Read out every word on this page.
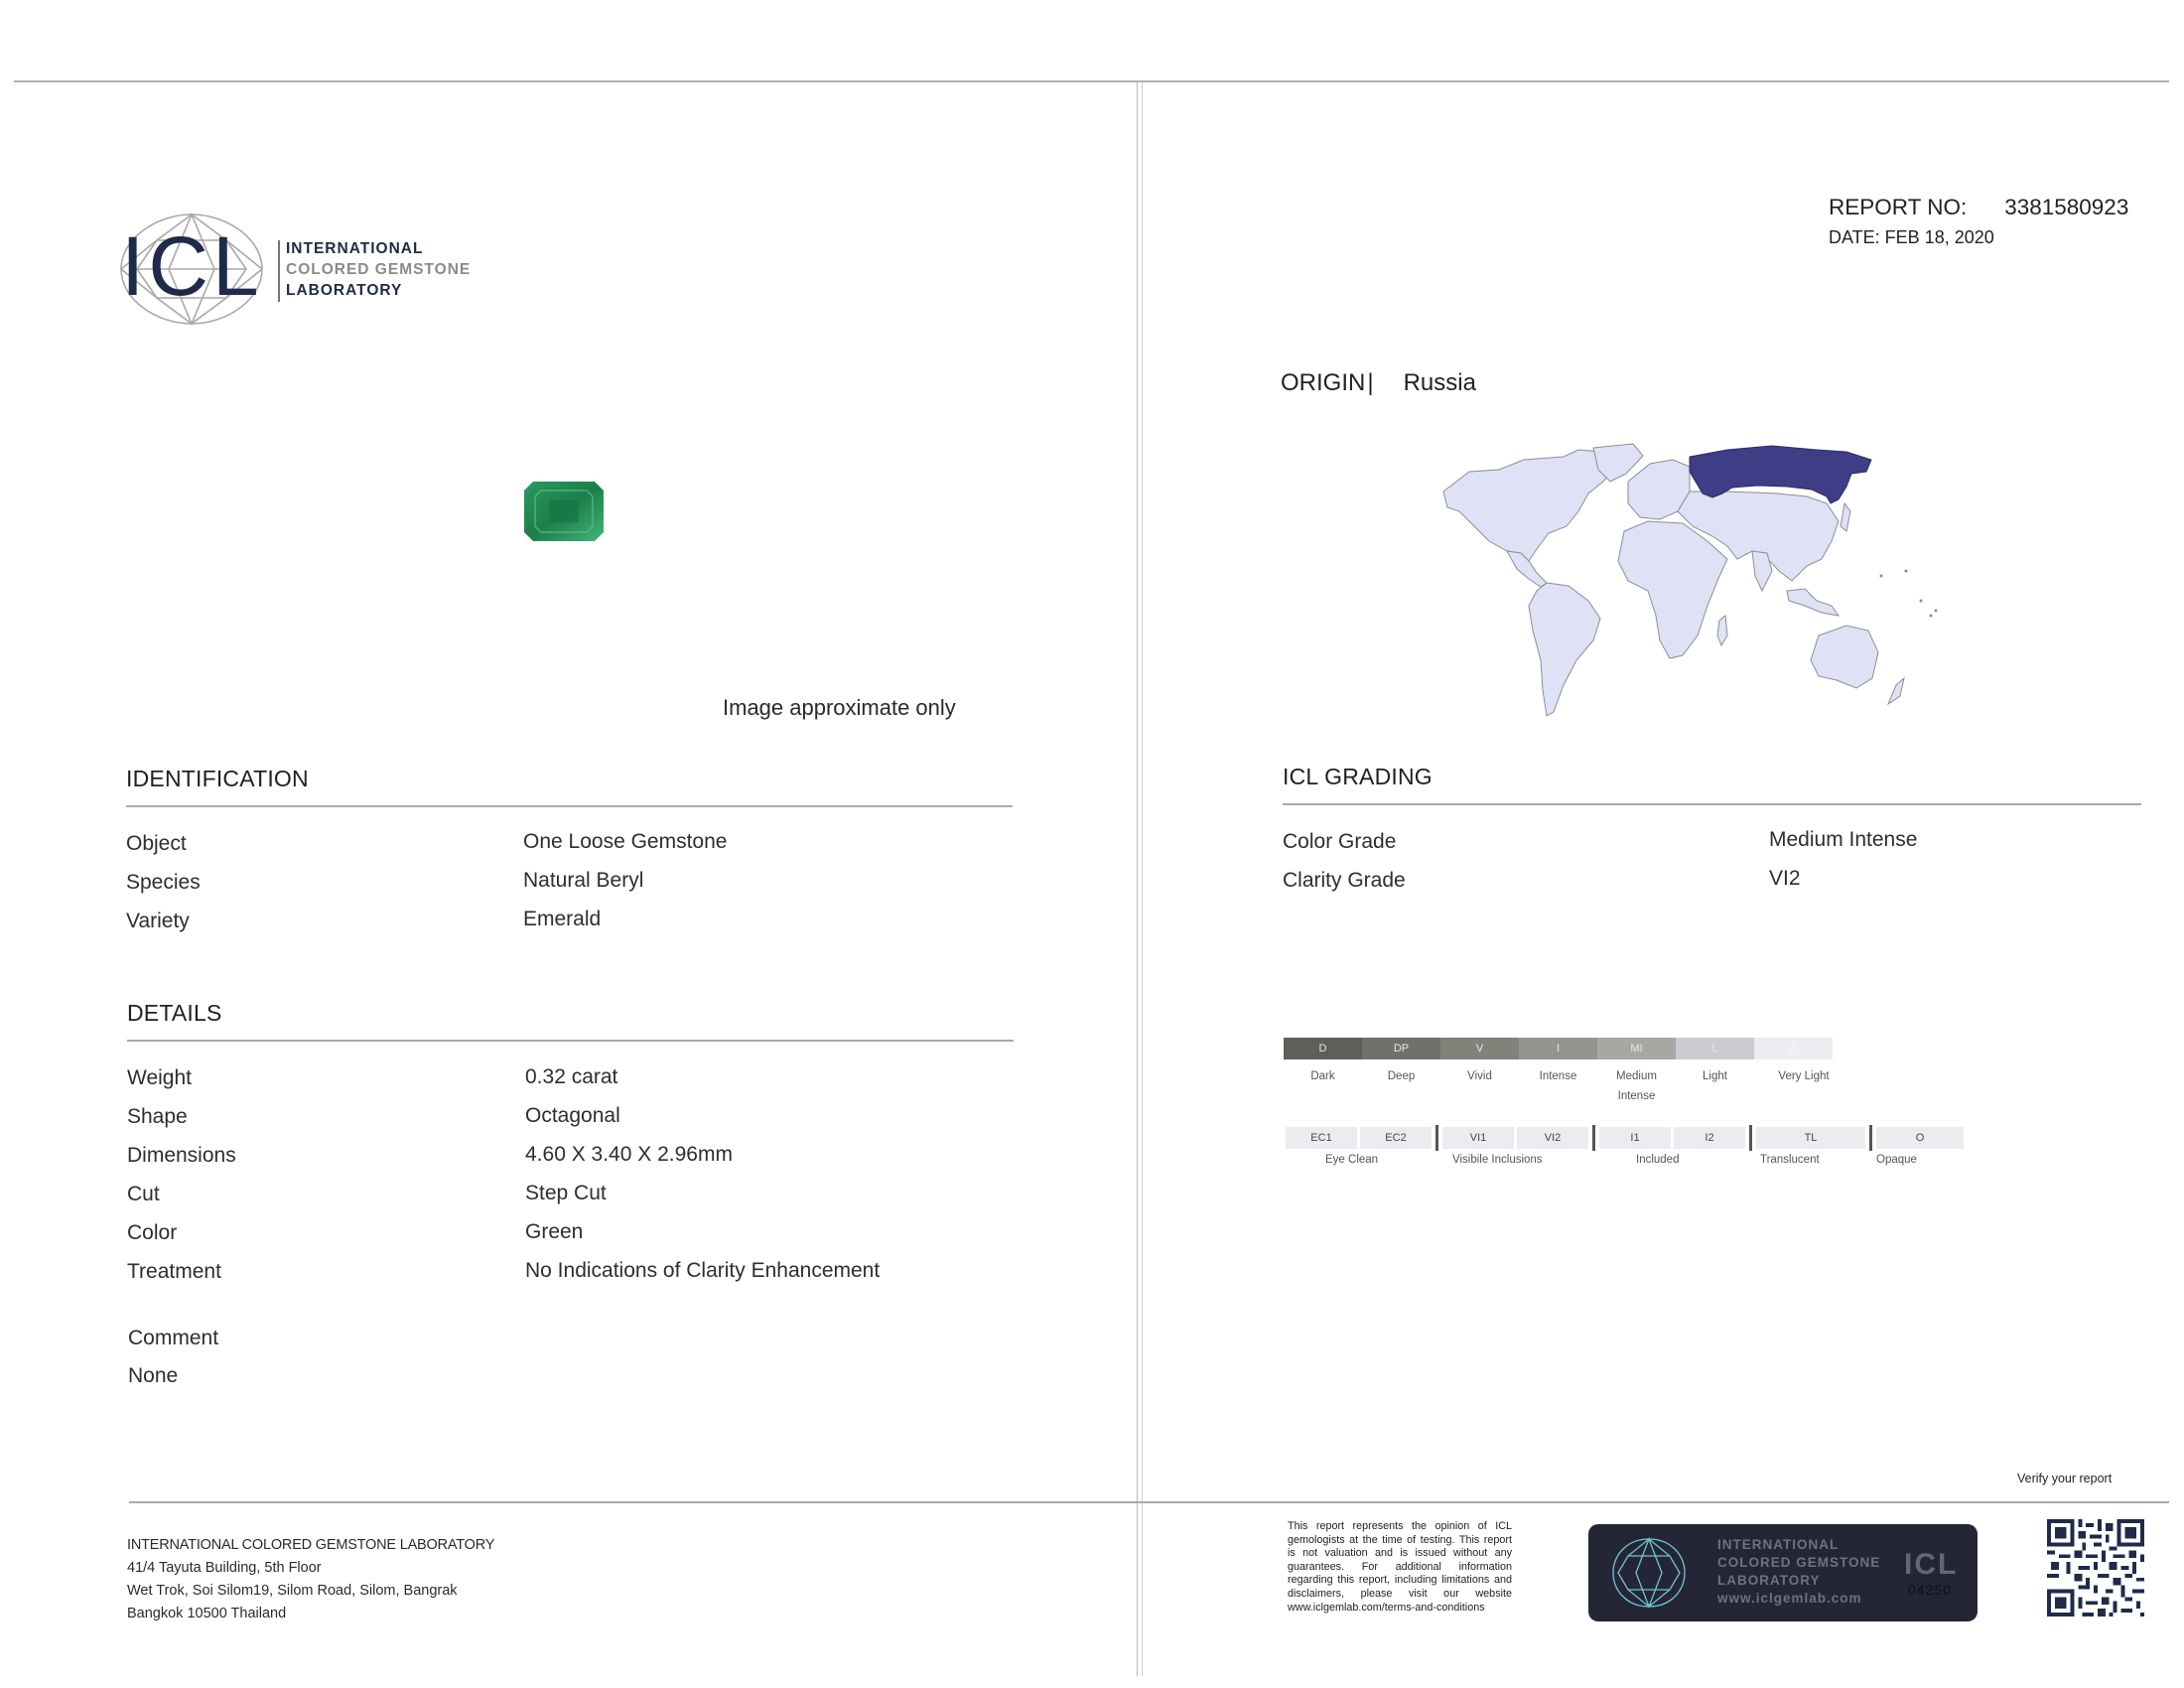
ICL INTERNATIONAL
COLORED GEMSTONE
LABORATORY
Image approximate only
IDENTIFICATION
Object	One Loose Gemstone
Species	Natural Beryl
Variety	Emerald
DETAILS
Weight	0.32 carat
Shape	Octagonal
Dimensions	4.60 X 3.40 X 2.96mm
Cut	Step Cut
Color	Green
Treatment	No Indications of Clarity Enhancement
Comment
None
REPORT NO: 3381580923
DATE: FEB 18, 2020
ORIGIN| Russia
ICL GRADING
Color Grade	Medium Intense
Clarity Grade	VI2
D	DP	V	I	MI	L	VL
Dark	Deep	Vivid	Intense	Medium
Intense
Light	Very Light
EC1	EC2	VI1	VI2	I1	I2	TL	O
Eye Clean	Visibile Inclusions	Included	Translucent	Opaque
Verify your report
INTERNATIONAL COLORED GEMSTONE LABORATORY
41/4 Tayuta Building, 5th Floor
Wet Trok, Soi Silom19, Silom Road, Silom, Bangrak
Bangkok 10500 Thailand
This report represents the opinion of ICL gemologists at the time of testing. This report is not valuation and is issued without any guarantees. For additional information regarding this report, including limitations and disclaimers, please visit our website www.iclgemlab.com/terms-and-conditions
INTERNATIONAL
COLORED GEMSTONE
LABORATORY
www.iclgemlab.com
ICL
04250
